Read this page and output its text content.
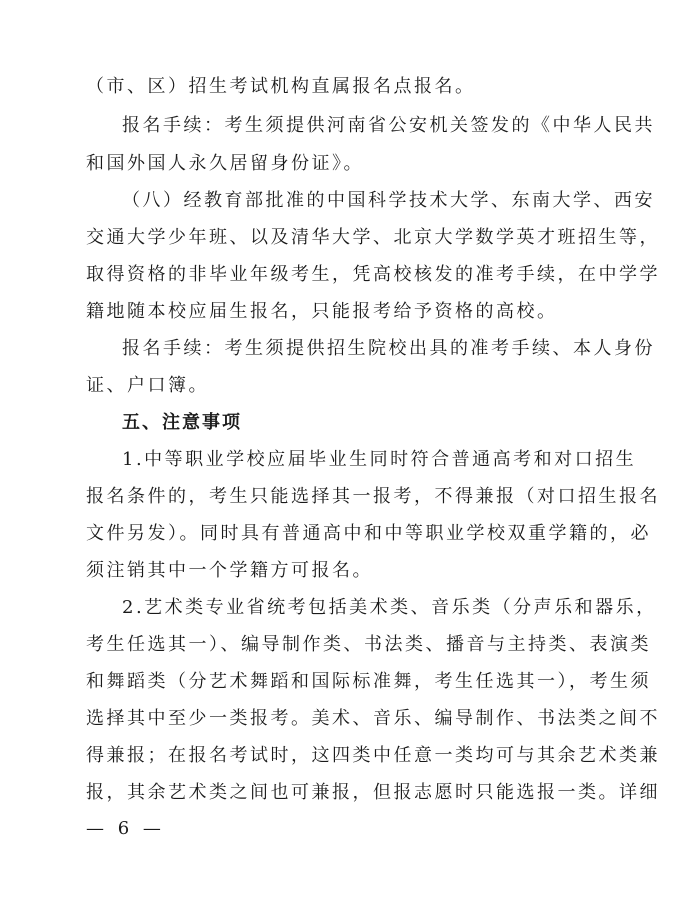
（市、区）招生考试机构直属报名点报名。
报名手续：考生须提供河南省公安机关签发的《中华人民共
和国外国人永久居留身份证》。
（八）经教育部批准的中国科学技术大学、东南大学、西安
交通大学少年班、以及清华大学、北京大学数学英才班招生等，
取得资格的非毕业年级考生，凭高校核发的准考手续，在中学学
籍地随本校应届生报名，只能报考给予资格的高校。
报名手续：考生须提供招生院校出具的准考手续、本人身份
证、户口簿。
五、注意事项
1.中等职业学校应届毕业生同时符合普通高考和对口招生
报名条件的，考生只能选择其一报考，不得兼报（对口招生报名
文件另发）。同时具有普通高中和中等职业学校双重学籍的，必
须注销其中一个学籍方可报名。
2.艺术类专业省统考包括美术类、音乐类（分声乐和器乐，
考生任选其一）、编导制作类、书法类、播音与主持类、表演类
和舞蹈类（分艺术舞蹈和国际标准舞，考生任选其一），考生须
选择其中至少一类报考。美术、音乐、编导制作、书法类之间不
得兼报；在报名考试时，这四类中任意一类均可与其余艺术类兼
报，其余艺术类之间也可兼报，但报志愿时只能选报一类。详细
— 6 —
